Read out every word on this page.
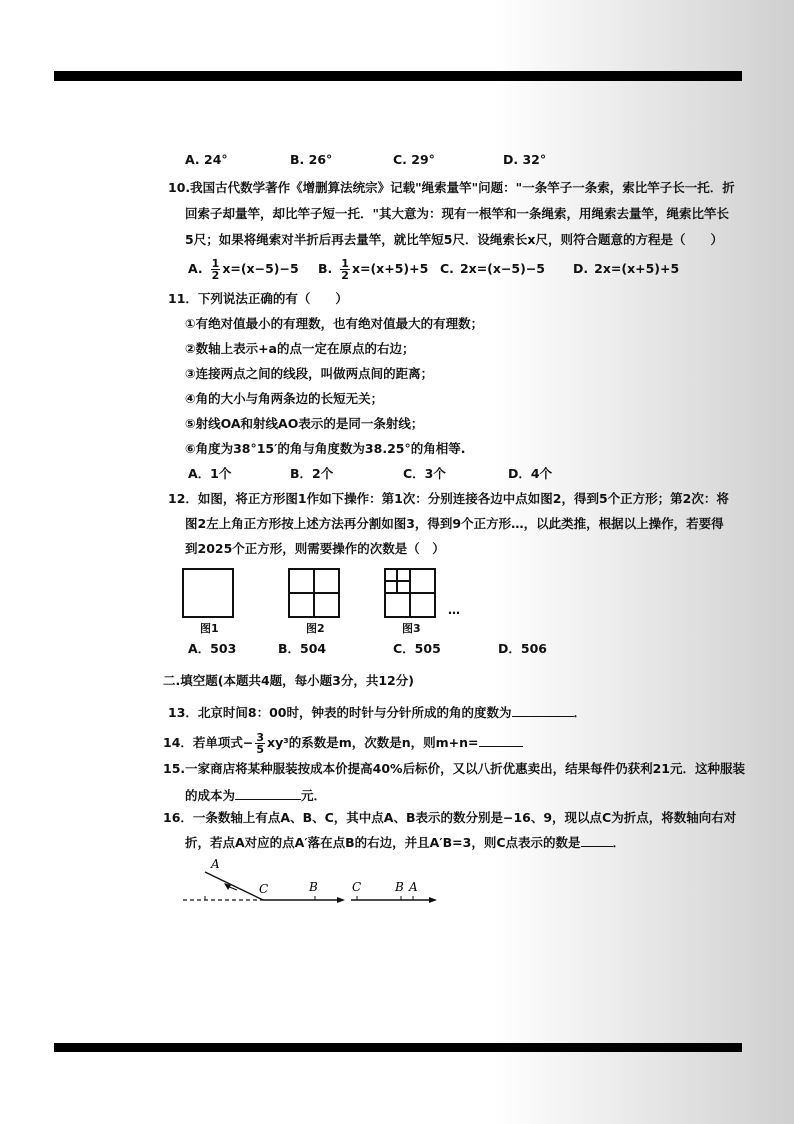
A. 24°	B. 26°	C. 29°	D. 32°
10.我国古代数学著作《增删算法统宗》记载"绳索量竿"问题："一条竿子一条索，索比竿子长一托．折
回索子却量竿，却比竿子短一托．"其大意为：现有一根竿和一条绳索，用绳索去量竿，绳索比竿长
5尺；如果将绳索对半折后再去量竿，就比竿短5尺．设绳索长x尺，则符合题意的方程是（　　）
A. $\frac{1}{2} x=(x-5)-5$ B. $\frac{1}{2} x=(x+5)+5$ C. 2x=(x−5)−5 D. 2x=(x+5)+5
11．下列说法正确的有（　　）
①有绝对值最小的有理数，也有绝对值最大的有理数；
②数轴上表示+a的点一定在原点的右边；
③连接两点之间的线段，叫做两点间的距离；
④角的大小与角两条边的长短无关；
⑤射线OA和射线AO表示的是同一条射线；
⑥角度为38°15′的角与角度数为38.25°的角相等.
A．1个	B．2个	C．3个	D．4个
12．如图，将正方形图1作如下操作：第1次：分别连接各边中点如图2，得到5个正方形；第2次：将
图2左上角正方形按上述方法再分割如图3，得到9个正方形…，以此类推，根据以上操作，若要得
到2025个正方形，则需要操作的次数是（　）
图1	图2	图3
…
A．503	B．504	C．505	D．506
二.填空题(本题共4题，每小题3分，共12分)
13．北京时间8：00时，钟表的时针与分针所成的角的度数为	．
14．若单项式− $\frac{3}{5} xy^3$的系数是m，次数是n，则m+n=
15.一家商店将某种服装按成本价提高40%后标价，又以八折优惠卖出，结果每件仍获利21元．这种服装
的成本为	元．
16．一条数轴上有点A、B、C，其中点A、B表示的数分别是−16、9，现以点C为折点，将数轴向右对
折，若点A对应的点A′落在点B的右边，并且A′B=3，则C点表示的数是	．
A
C	B	C	B A
